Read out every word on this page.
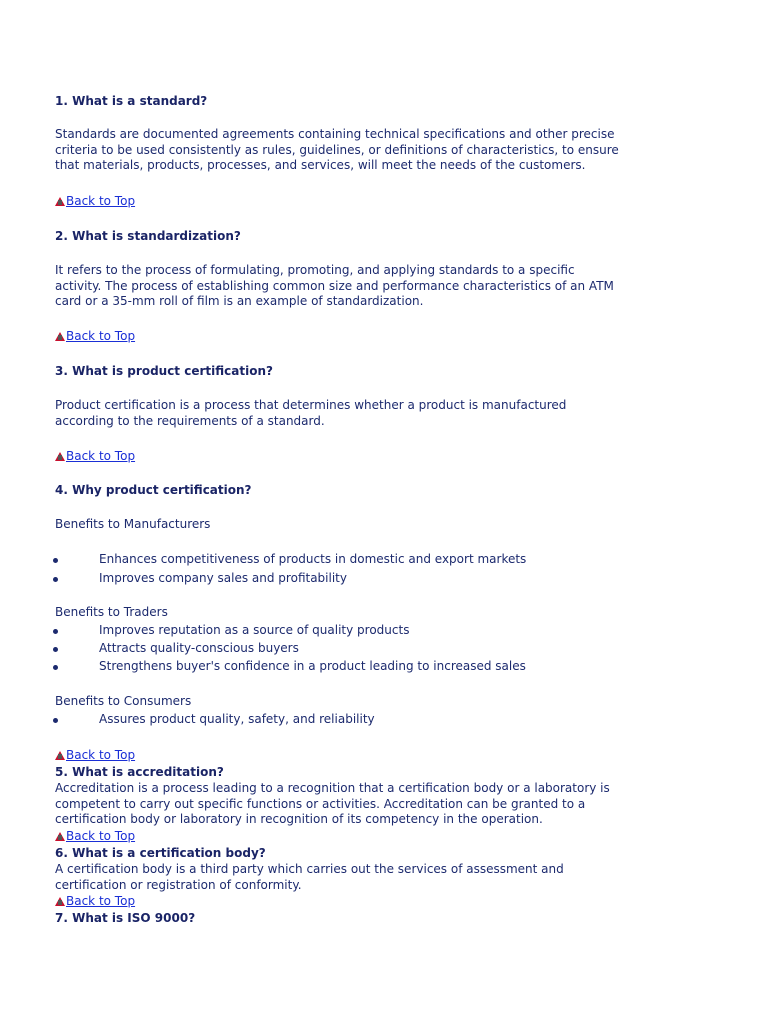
1. What is a standard?
Standards are documented agreements containing technical specifications and other precise
criteria to be used consistently as rules, guidelines, or definitions of characteristics, to ensure
that materials, products, processes, and services, will meet the needs of the customers.
Back to Top
2. What is standardization?
It refers to the process of formulating, promoting, and applying standards to a specific
activity. The process of establishing common size and performance characteristics of an ATM
card or a 35-mm roll of film is an example of standardization.
Back to Top
3. What is product certification?
Product certification is a process that determines whether a product is manufactured
according to the requirements of a standard.
Back to Top
4. Why product certification?
Benefits to Manufacturers
Enhances competitiveness of products in domestic and export markets
Improves company sales and profitability
Benefits to Traders
Improves reputation as a source of quality products
Attracts quality-conscious buyers
Strengthens buyer's confidence in a product leading to increased sales
Benefits to Consumers
Assures product quality, safety, and reliability
Back to Top
5. What is accreditation?
Accreditation is a process leading to a recognition that a certification body or a laboratory is
competent to carry out specific functions or activities. Accreditation can be granted to a
certification body or laboratory in recognition of its competency in the operation.
Back to Top
6. What is a certification body?
A certification body is a third party which carries out the services of assessment and
certification or registration of conformity.
Back to Top
7. What is ISO 9000?
